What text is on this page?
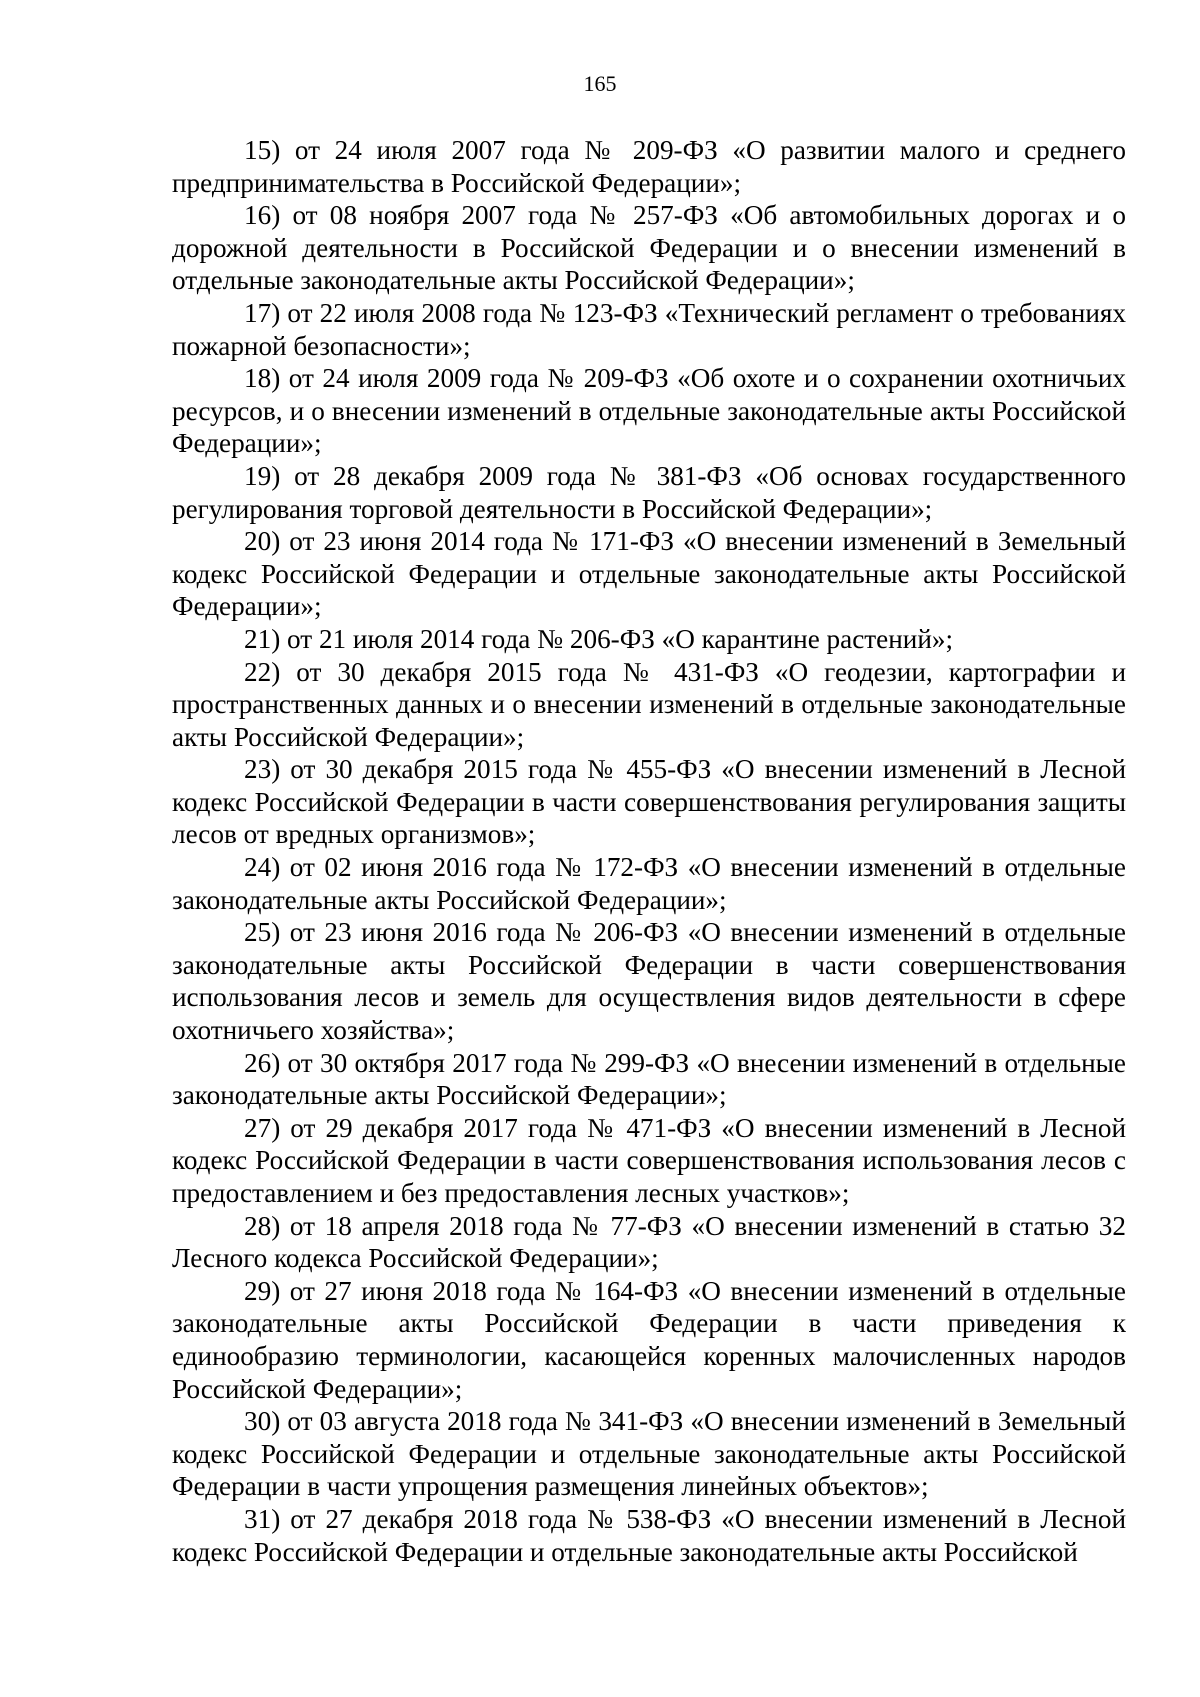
165

15) от 24 июля 2007 года № 209-ФЗ «О развитии малого и среднего предпринимательства в Российской Федерации»;

16) от 08 ноября 2007 года № 257-ФЗ «Об автомобильных дорогах и о дорожной деятельности в Российской Федерации и о внесении изменений в отдельные законодательные акты Российской Федерации»;

17) от 22 июля 2008 года № 123-ФЗ «Технический регламент о требованиях пожарной безопасности»;

18) от 24 июля 2009 года № 209-ФЗ «Об охоте и о сохранении охотничьих ресурсов, и о внесении изменений в отдельные законодательные акты Российской Федерации»;

19) от 28 декабря 2009 года № 381-ФЗ «Об основах государственного регулирования торговой деятельности в Российской Федерации»;

20) от 23 июня 2014 года № 171-ФЗ «О внесении изменений в Земельный кодекс Российской Федерации и отдельные законодательные акты Российской Федерации»;

21) от 21 июля 2014 года № 206-ФЗ «О карантине растений»;

22) от 30 декабря 2015 года № 431-ФЗ «О геодезии, картографии и пространственных данных и о внесении изменений в отдельные законодательные акты Российской Федерации»;

23) от 30 декабря 2015 года № 455-ФЗ «О внесении изменений в Лесной кодекс Российской Федерации в части совершенствования регулирования защиты лесов от вредных организмов»;

24) от 02 июня 2016 года № 172-ФЗ «О внесении изменений в отдельные законодательные акты Российской Федерации»;

25) от 23 июня 2016 года № 206-ФЗ «О внесении изменений в отдельные законодательные акты Российской Федерации в части совершенствования использования лесов и земель для осуществления видов деятельности в сфере охотничьего хозяйства»;

26) от 30 октября 2017 года № 299-ФЗ «О внесении изменений в отдельные законодательные акты Российской Федерации»;

27) от 29 декабря 2017 года № 471-ФЗ «О внесении изменений в Лесной кодекс Российской Федерации в части совершенствования использования лесов с предоставлением и без предоставления лесных участков»;

28) от 18 апреля 2018 года № 77-ФЗ «О внесении изменений в статью 32 Лесного кодекса Российской Федерации»;

29) от 27 июня 2018 года № 164-ФЗ «О внесении изменений в отдельные законодательные акты Российской Федерации в части приведения к единообразию терминологии, касающейся коренных малочисленных народов Российской Федерации»;

30) от 03 августа 2018 года № 341-ФЗ «О внесении изменений в Земельный кодекс Российской Федерации и отдельные законодательные акты Российской Федерации в части упрощения размещения линейных объектов»;

31) от 27 декабря 2018 года № 538-ФЗ «О внесении изменений в Лесной кодекс Российской Федерации и отдельные законодательные акты Российской
